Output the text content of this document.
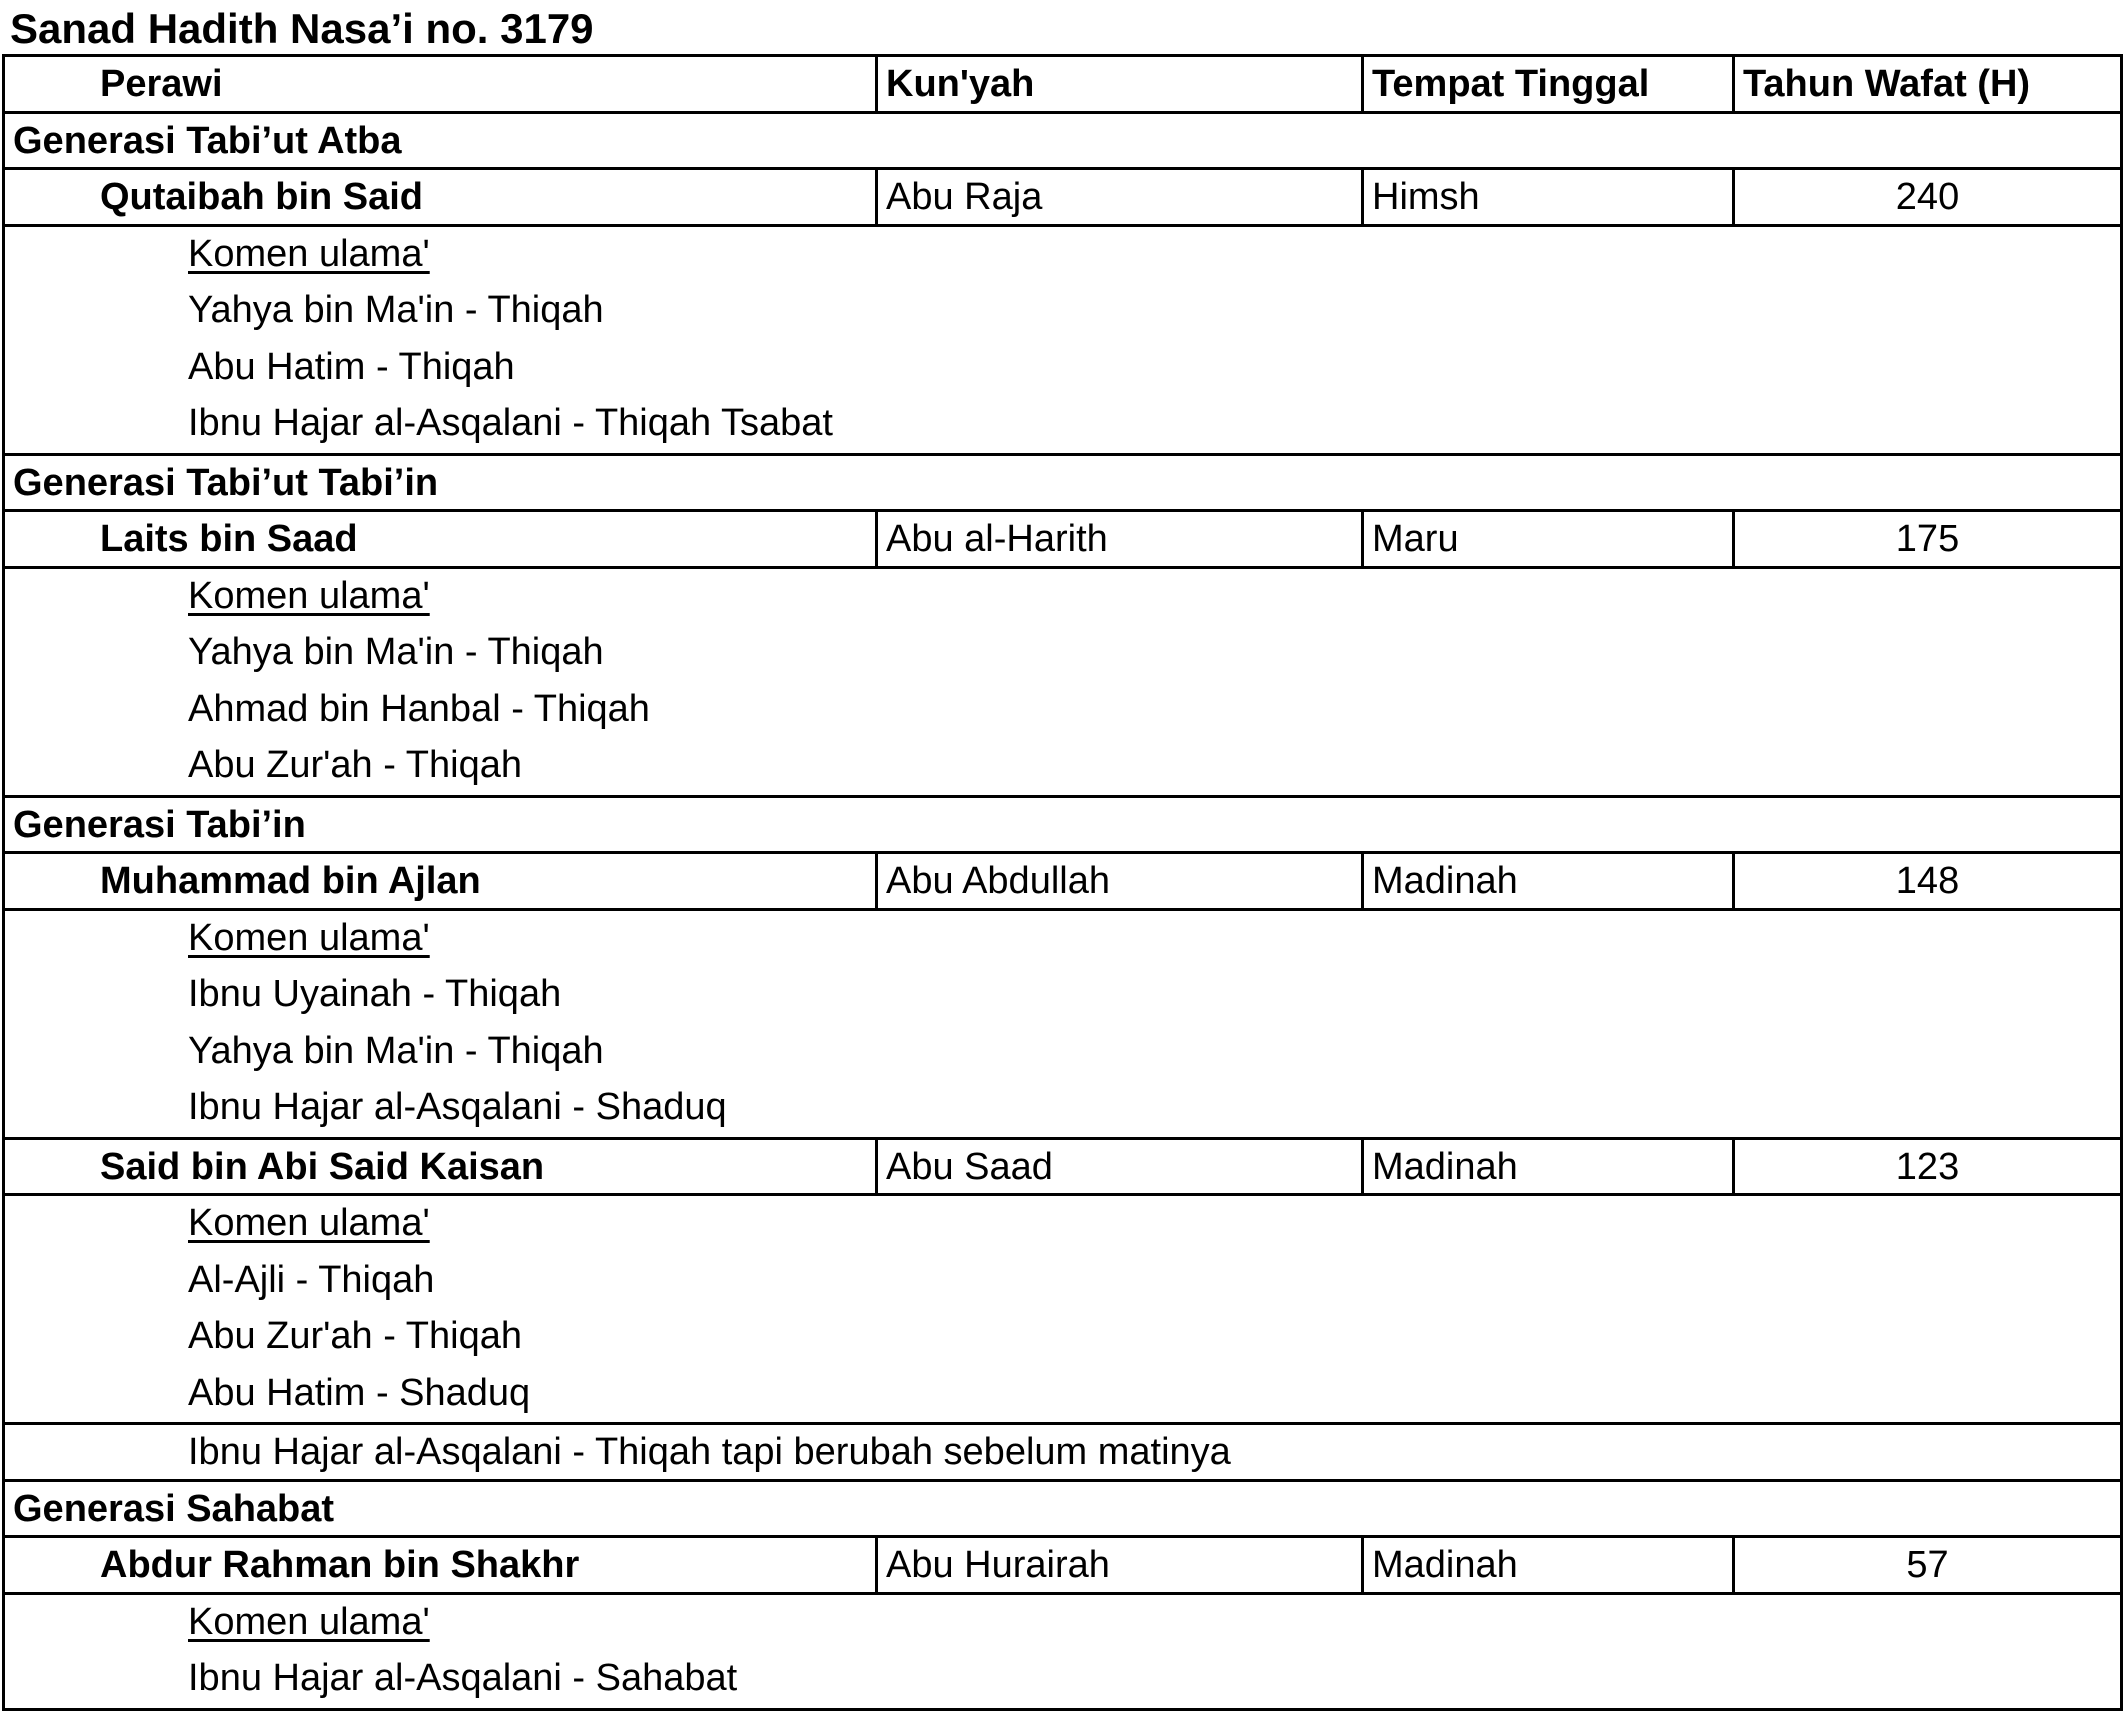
Sanad Hadith Nasa’i no. 3179
Perawi	Kun'yah	Tempat Tinggal	Tahun Wafat (H)
Generasi Tabi’ut Atba
Qutaibah bin Said	Abu Raja	Himsh	240
Komen ulama'
Yahya bin Ma'in - Thiqah
Abu Hatim - Thiqah
Ibnu Hajar al-Asqalani - Thiqah Tsabat
Generasi Tabi’ut Tabi’in
Laits bin Saad	Abu al-Harith	Maru	175
Komen ulama'
Yahya bin Ma'in - Thiqah
Ahmad bin Hanbal - Thiqah
Abu Zur'ah - Thiqah
Generasi Tabi’in
Muhammad bin Ajlan	Abu Abdullah	Madinah	148
Komen ulama'
Ibnu Uyainah - Thiqah
Yahya bin Ma'in - Thiqah
Ibnu Hajar al-Asqalani - Shaduq
Said bin Abi Said Kaisan	Abu Saad	Madinah	123
Komen ulama'
Al-Ajli - Thiqah
Abu Zur'ah - Thiqah
Abu Hatim - Shaduq
Ibnu Hajar al-Asqalani - Thiqah tapi berubah sebelum matinya
Generasi Sahabat
Abdur Rahman bin Shakhr	Abu Hurairah	Madinah	57
Komen ulama'
Ibnu Hajar al-Asqalani - Sahabat
